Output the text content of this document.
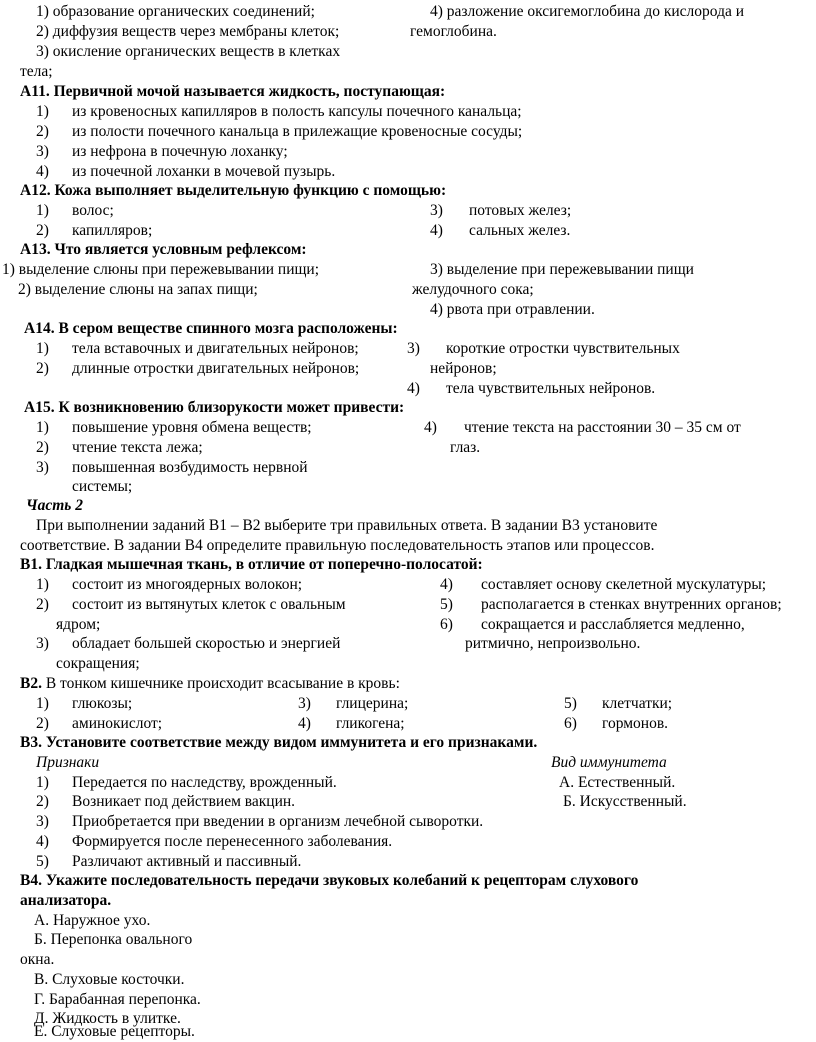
1) образование органических соединений;
2) диффузия веществ через мембраны клеток;
3) окисление органических веществ в клетках
тела;
4) разложение оксигемоглобина до кислорода и
гемоглобина.
A11. Первичной мочой называется жидкость, поступающая:
1) из кровеносных капилляров в полость капсулы почечного канальца;
2) из полости почечного канальца в прилежащие кровеносные сосуды;
3) из нефрона в почечную лоханку;
4) из почечной лоханки в мочевой пузырь.
A12. Кожа выполняет выделительную функцию с помощью:
1) волос;
2) капилляров;
3) потовых желез;
4) сальных желез.
A13. Что является условным рефлексом:
1) выделение слюны при пережевывании пищи;
2) выделение слюны на запах пищи;
3) выделение при пережевывании пищи
желудочного сока;
4) рвота при отравлении.
A14. В сером веществе спинного мозга расположены:
1) тела вставочных и двигательных нейронов;
2) длинные отростки двигательных нейронов;
3) короткие отростки чувствительных
нейронов;
4) тела чувствительных нейронов.
A15. К возникновению близорукости может привести:
1) повышение уровня обмена веществ;
2) чтение текста лежа;
3) повышенная возбудимость нервной
системы;
4) чтение текста на расстоянии 30 – 35 см от
глаз.
Часть 2
При выполнении заданий В1 – В2 выберите три правильных ответа. В задании В3 установите
соответствие. В задании В4 определите правильную последовательность этапов или процессов.
В1. Гладкая мышечная ткань, в отличие от поперечно-полосатой:
1) состоит из многоядерных волокон;
2) состоит из вытянутых клеток с овальным
ядром;
3) обладает большей скоростью и энергией
сокращения;
4) составляет основу скелетной мускулатуры;
5) располагается в стенках внутренних органов;
6) сокращается и расслабляется медленно,
ритмично, непроизвольно.
В2. В тонком кишечнике происходит всасывание в кровь:
1) глюкозы;
2) аминокислот;
3) глицерина;
4) гликогена;
5) клетчатки;
6) гормонов.
В3. Установите соответствие между видом иммунитета и его признаками.
Признаки	Вид иммунитета
1) Передается по наследству, врожденный.
2) Возникает под действием вакцин.
3) Приобретается при введении в организм лечебной сыворотки.
4) Формируется после перенесенного заболевания.
5) Различают активный и пассивный.
А. Естественный.
Б. Искусственный.
В4. Укажите последовательность передачи звуковых колебаний к рецепторам слухового
анализатора.
А. Наружное ухо.
Б. Перепонка овального
окна.
В. Слуховые косточки.
Г. Барабанная перепонка.
Д. Жидкость в улитке.
Е. Слуховые рецепторы.
